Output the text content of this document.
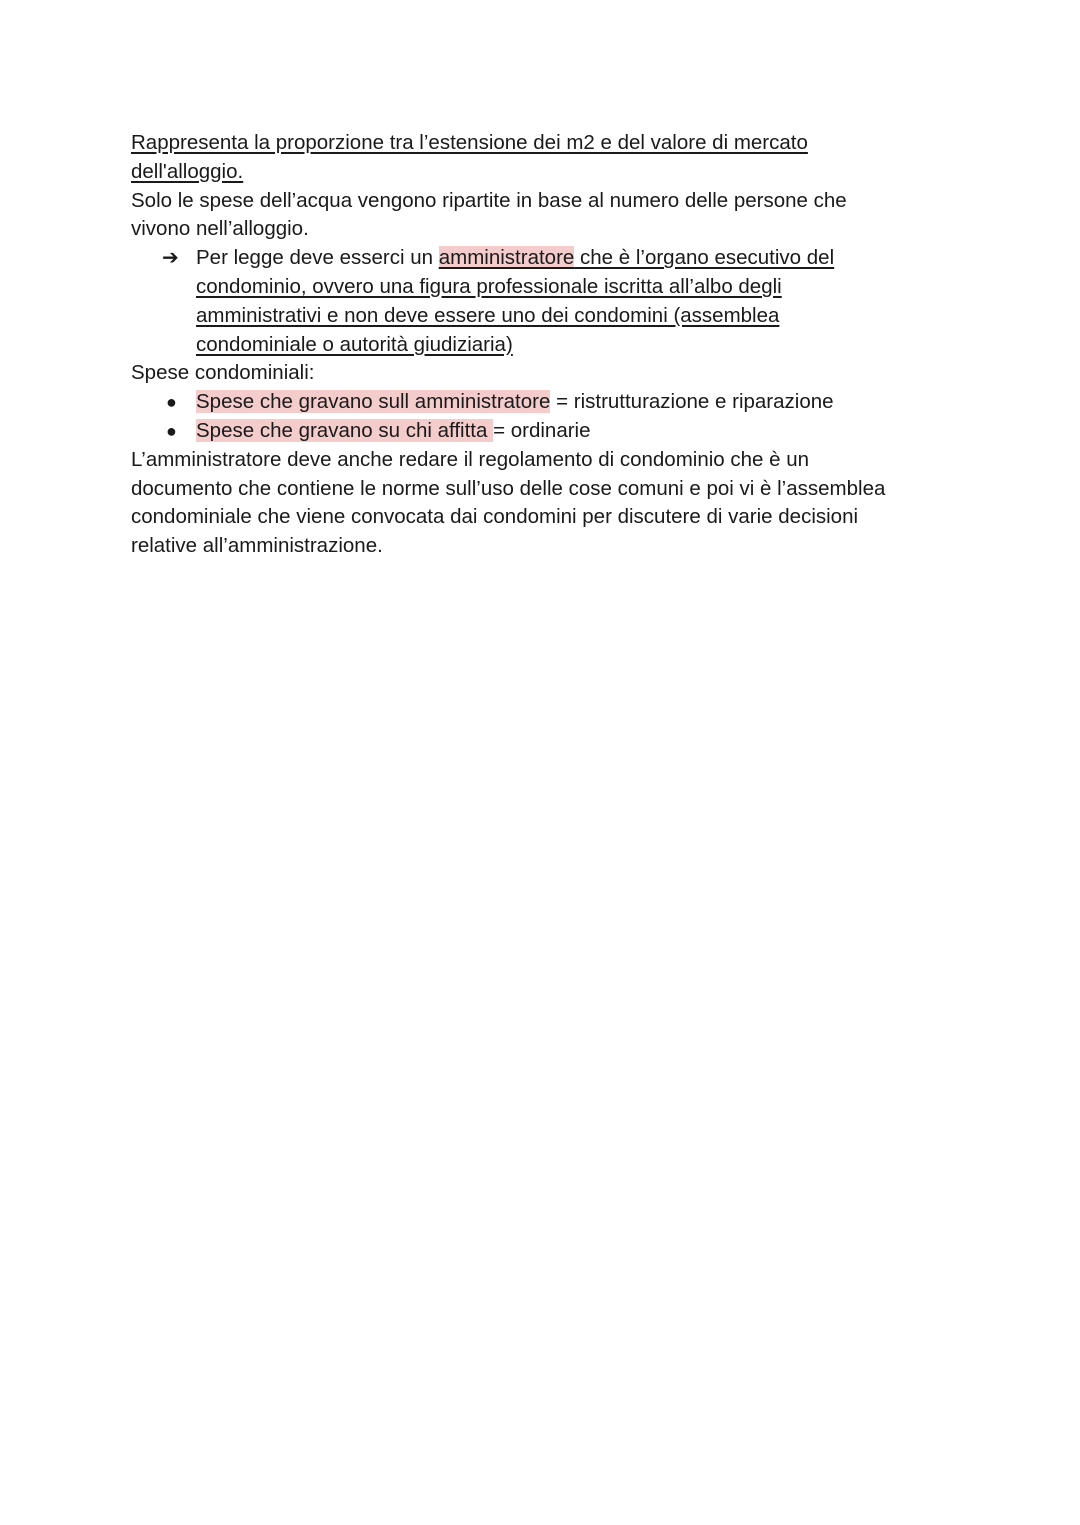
Rappresenta la proporzione tra l’estensione dei m2 e del valore di mercato
dell'alloggio.
Solo le spese dell’acqua vengono ripartite in base al numero delle persone che
vivono nell’alloggio.
➔ Per legge deve esserci un amministratore che è l’organo esecutivo del
condominio, ovvero una figura professionale iscritta all’albo degli
amministrativi e non deve essere uno dei condomini (assemblea
condominiale o autorità giudiziaria)
Spese condominiali:
● Spese che gravano sull amministratore = ristrutturazione e riparazione
● Spese che gravano su chi affitta = ordinarie
L’amministratore deve anche redare il regolamento di condominio che è un
documento che contiene le norme sull’uso delle cose comuni e poi vi è l’assemblea
condominiale che viene convocata dai condomini per discutere di varie decisioni
relative all’amministrazione.
